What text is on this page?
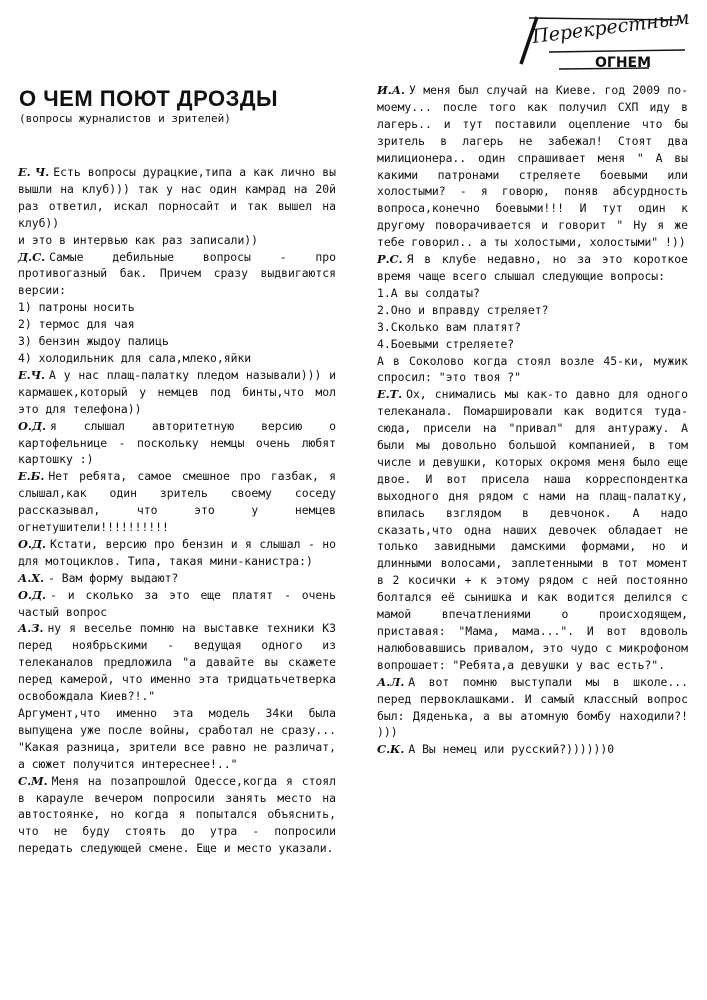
Перекрестным
ОГНЕМ
О ЧЕМ ПОЮТ ДРОЗДЫ

(вопросы журналистов и зрителей)

Е. Ч. Есть вопросы дурацкие,типа а как лично вы вышли на клуб))) так у нас один камрад на 20й раз ответил, искал порносайт и так вышел на клуб))

и это в интервью как раз записали))

Д.С. Самые дебильные вопросы - про противогазный бак. Причем сразу выдвигаются версии:

1) патроны носить

2) термос для чая

3) бензин жыдоу палиць

4) холодильник для сала,млеко,яйки

Е.Ч. А у нас плащ-палатку пледом называли))) и кармашек,который у немцев под бинты,что мол это для телефона))

О.Д. я слышал авторитетную версию о картофельнице - поскольку немцы очень любят картошку :)

Е.Б. Нет ребята, самое смешное про газбак, я слышал,как один зритель своему соседу рассказывал, что это у немцев огнетушители!!!!!!!!!!

О.Д. Кстати, версию про бензин и я слышал - но для мотоциклов. Типа, такая мини-канистра:)

А.Х. - Вам форму выдают?

О.Д. - и сколько за это еще платят - очень частый вопрос

А.З. ну я веселье помню на выставке техники КЗ перед ноябрьскими - ведущая одного из телеканалов предложила "а давайте вы скажете перед камерой, что именно эта тридцатьчетверка освобождала Киев?!."

Аргумент,что именно эта модель 34ки была выпущена уже после войны, сработал не сразу... "Какая разница, зрители все равно не различат, а сюжет получится интереснее!.."

С.М. Меня на позапрошлой Одессе,когда я стоял в карауле вечером попросили занять место на автостоянке, но когда я попытался объяснить, что не буду стоять до утра - попросили передать следующей смене. Еще и место указали.

И.А. У меня был случай на Киеве. год 2009 по-моему... после того как получил СХП иду в лагерь.. и тут поставили оцепление что бы зритель в лагерь не забежал! Стоят два милиционера.. один спрашивает меня " А вы какими патронами стреляете боевыми или холостыми? - я говорю, поняв абсурдность вопроса,конечно боевыми!!! И тут один к другому поворачивается и говорит " Ну я же тебе говорил.. а ты холостыми, холостыми" !))

Р.С. Я в клубе недавно, но за это короткое время чаще всего слышал следующие вопросы:

1.А вы солдаты?

2.Оно и вправду стреляет?

3.Сколько вам платят?

4.Боевыми стреляете?

А в Соколово когда стоял возле 45-ки, мужик спросил: "это твоя ?"

Е.Т. Ох, снимались мы как-то давно для одного телеканала. Помаршировали как водится туда-сюда, присели на "привал" для антуражу. А были мы довольно большой компанией, в том числе и девушки, которых окромя меня было еще двое. И вот присела наша корреспондентка выходного дня рядом с нами на плащ-палатку, впилась взглядом в девчонок. А надо сказать,что одна наших девочек обладает не только завидными дамскими формами, но и длинными волосами, заплетенными в тот момент в 2 косички + к этому рядом с ней постоянно болтался её сынишка и как водится делился с мамой впечатлениями о происходящем, приставая: "Мама, мама...". И вот вдоволь налюбовавшись привалом, это чудо с микрофоном вопрошает: "Ребята,а девушки у вас есть?".

А.Л. А вот помню выступали мы в школе... перед первоклашками. И самый классный вопрос был: Дяденька, а вы атомную бомбу находили?! )))

С.К. А Вы немец или русский?))))))0
